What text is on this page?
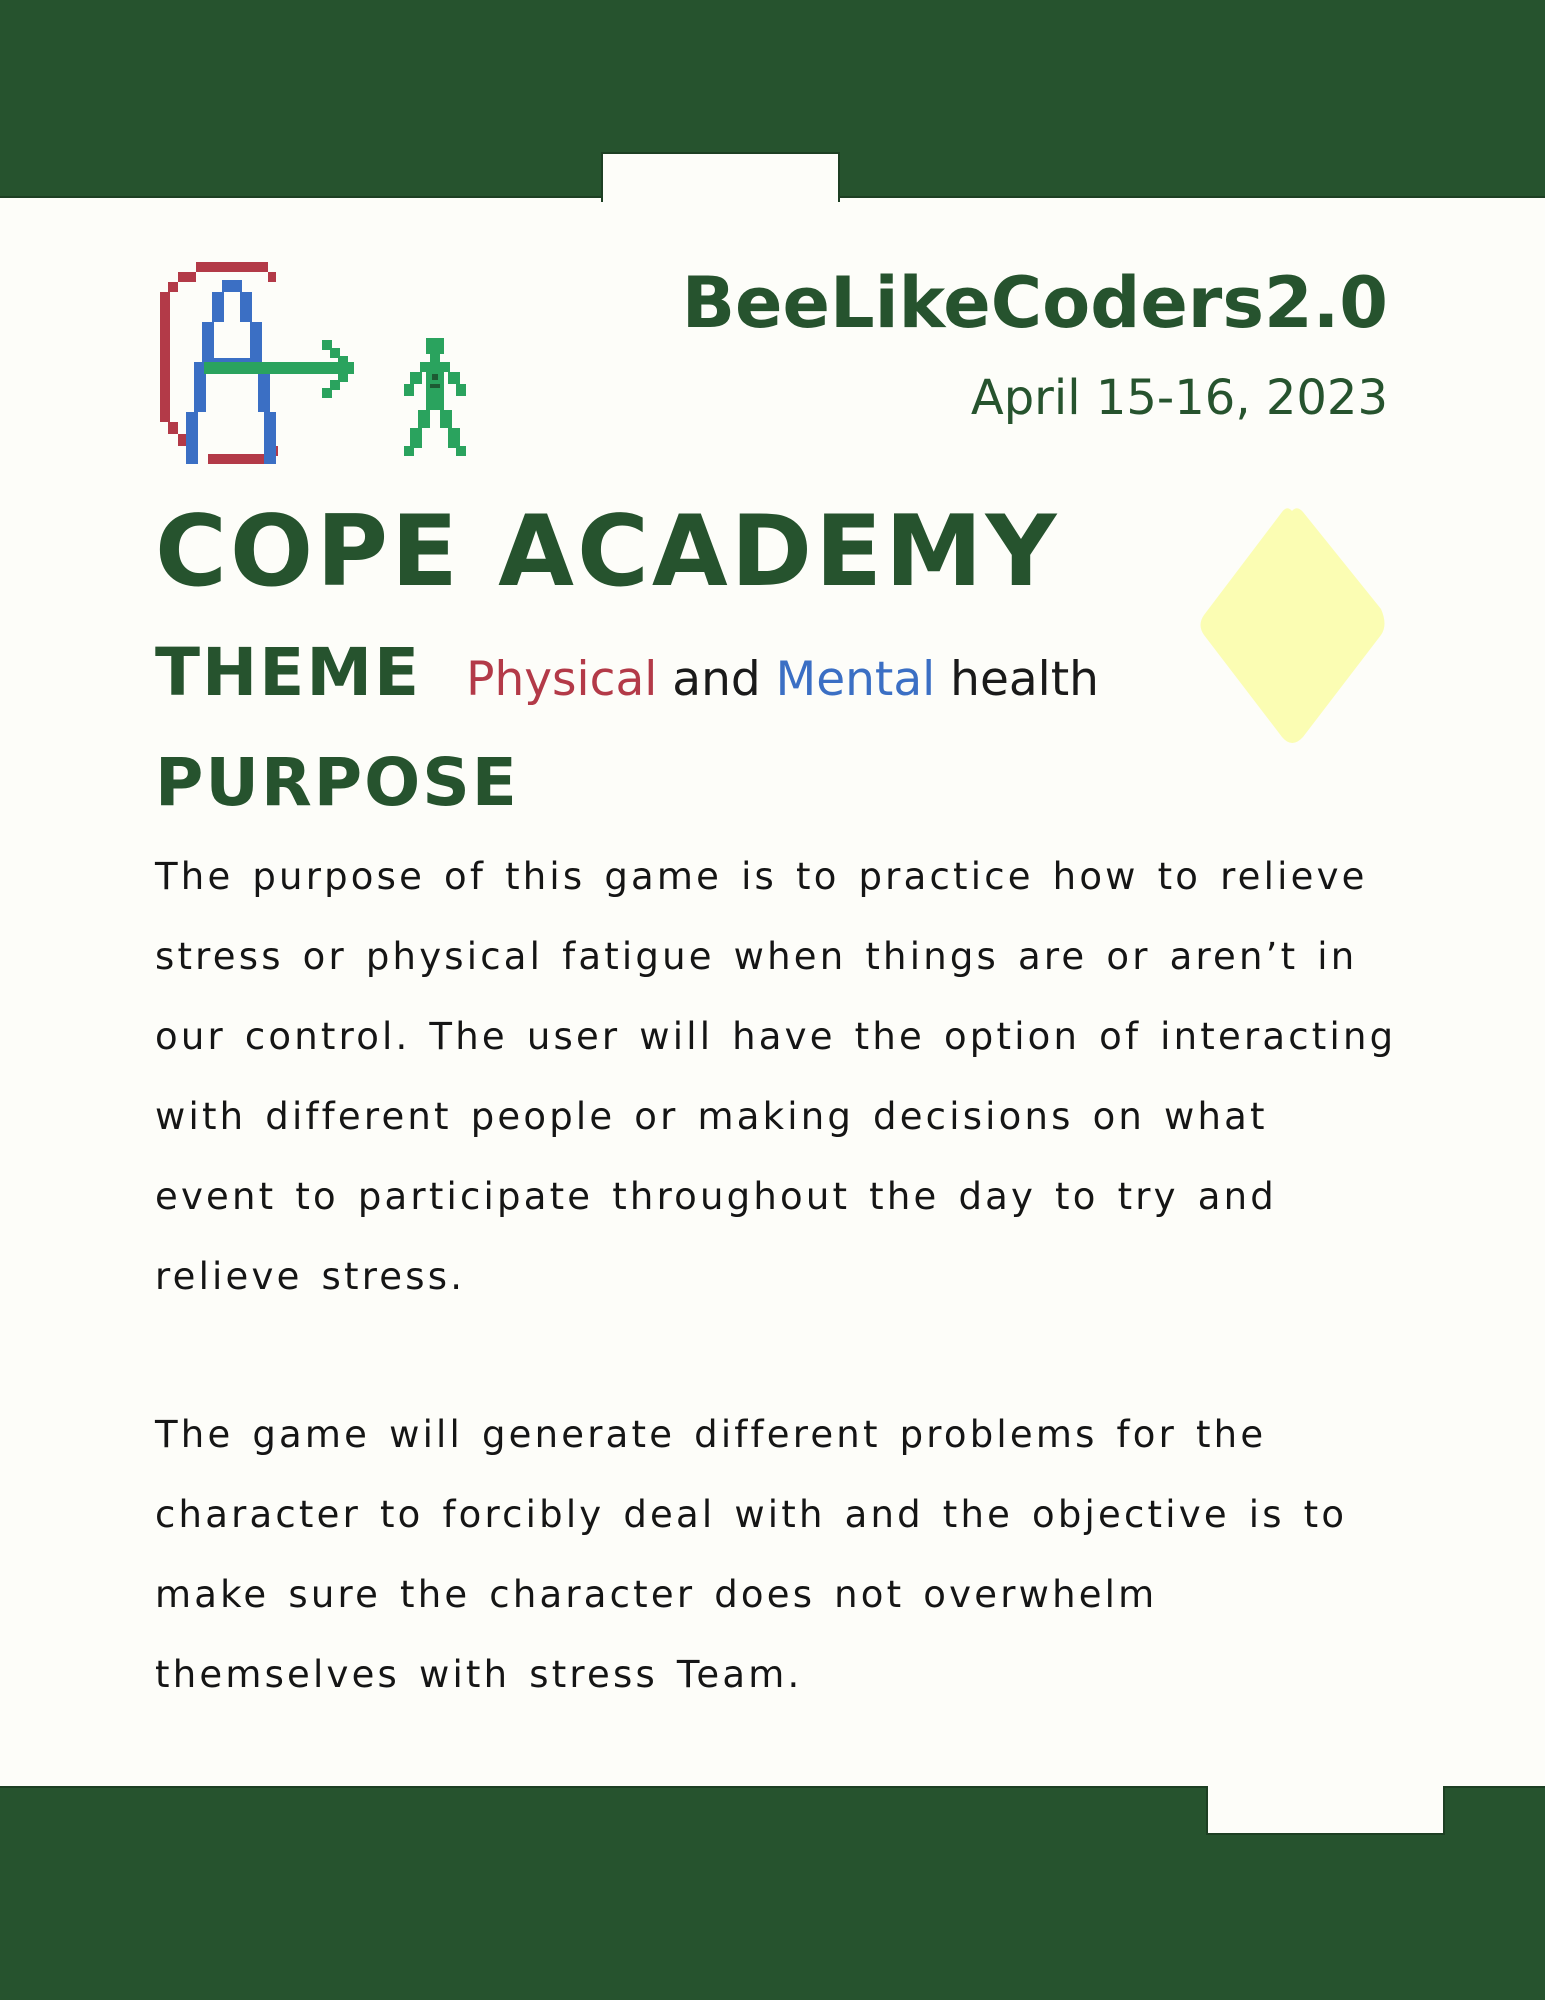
BeeLikeCoders2.0
April 15-16, 2023
COPE ACADEMY
THEME Physical and Mental health
PURPOSE

The purpose of this game is to practice how to relieve stress or physical fatigue when things are or aren’t in our control. The user will have the option of interacting with different people or making decisions on what event to participate throughout the day to try and relieve stress.

The game will generate different problems for the character to forcibly deal with and the objective is to make sure the character does not overwhelm themselves with stress Team.
